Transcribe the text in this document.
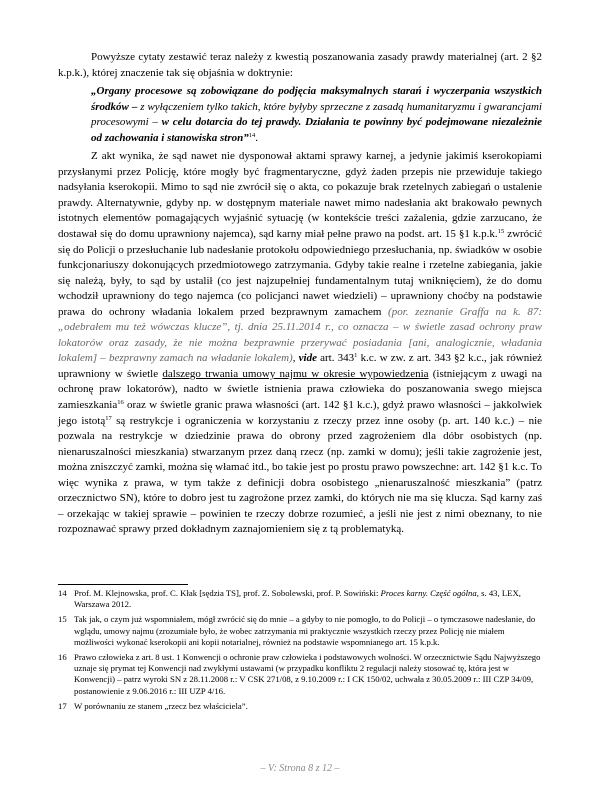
Powyższe cytaty zestawić teraz należy z kwestią poszanowania zasady prawdy materialnej (art. 2 §2 k.p.k.), której znaczenie tak się objaśnia w doktrynie:

„Organy procesowe są zobowiązane do podjęcia maksymalnych starań i wyczerpania wszystkich środków – z wyłączeniem tylko takich, które byłyby sprzeczne z zasadą humanitaryzmu i gwarancjami procesowymi – w celu dotarcia do tej prawdy. Działania te powinny być podejmowane niezależnie od zachowania i stanowiska stron”$^{14}$.

Z akt wynika, że sąd nawet nie dysponował aktami sprawy karnej, a jedynie jakimiś kserokopiami przysłanymi przez Policję, które mogły być fragmentaryczne, gdyż żaden przepis nie przewiduje takiego nadsyłania kserokopii. Mimo to sąd nie zwrócił się o akta, co pokazuje brak rzetelnych zabiegań o ustalenie prawdy. Alternatywnie, gdyby np. w dostępnym materiale nawet mimo nadesłania akt brakowało pewnych istotnych elementów pomagających wyjaśnić sytuację (w kontekście treści zażalenia, gdzie zarzucano, że dostawał się do domu uprawniony najemca), sąd karny miał pełne prawo na podst. art. 15 §1 k.p.k.$^{15}$ zwrócić się do Policji o przesłuchanie lub nadesłanie protokołu odpowiedniego przesłuchania, np. świadków w osobie funkcjonariuszy dokonujących przedmiotowego zatrzymania. Gdyby takie realne i rzetelne zabiegania, jakie się należą, były, to sąd by ustalił (co jest najzupełniej fundamentalnym tutaj wniknięciem), że do domu wchodził uprawniony do tego najemca (co policjanci nawet wiedzieli) – uprawniony choćby na podstawie prawa do ochrony władania lokalem przed bezprawnym zamachem (por. zeznanie Graffa na k. 87: „odebrałem mu też wówczas klucze”, tj. dnia 25.11.2014 r., co oznacza – w świetle zasad ochrony praw lokatorów oraz zasady, że nie można bezprawnie przerywać posiadania [ani, analogicznie, władania lokalem] – bezprawny zamach na władanie lokalem), vide art. $343^1$ k.c. w zw. z art. 343 §2 k.c., jak również uprawniony w świetle dalszego trwania umowy najmu w okresie wypowiedzenia (istniejącym z uwagi na ochronę praw lokatorów), nadto w świetle istnienia prawa człowieka do poszanowania swego miejsca zamieszkania$^{16}$ oraz w świetle granic prawa własności (art. 142 §1 k.c.), gdyż prawo własności – jakkolwiek jego istotą$^{17}$ są restrykcje i ograniczenia w korzystaniu z rzeczy przez inne osoby (p. art. 140 k.c.) – nie pozwala na restrykcje w dziedzinie prawa do obrony przed zagrożeniem dla dóbr osobistych (np. nienaruszalności mieszkania) stwarzanym przez daną rzecz (np. zamki w domu); jeśli takie zagrożenie jest, można zniszczyć zamki, można się włamać itd., bo takie jest po prostu prawo powszechne: art. 142 §1 k.c. To więc wynika z prawa, w tym także z definicji dobra osobistego „nienaruszalność mieszkania” (patrz orzecznictwo SN), które to dobro jest tu zagrożone przez zamki, do których nie ma się klucza. Sąd karny zaś – orzekając w takiej sprawie – powinien te rzeczy dobrze rozumieć, a jeśli nie jest z nimi obeznany, to nie rozpoznawać sprawy przed dokładnym zaznajomieniem się z tą problematyką.

14 Prof. M. Klejnowska, prof. C. Kłak [sędzia TS], prof. Z. Sobolewski, prof. P. Sowiński: Proces karny. Część ogólna, s. 43, LEX, Warszawa 2012.
15 Tak jak, o czym już wspomniałem, mógł zwrócić się do mnie – a gdyby to nie pomogło, to do Policji – o tymczasowe nadesłanie, do wglądu, umowy najmu (zrozumiałe było, że wobec zatrzymania mi praktycznie wszystkich rzeczy przez Policję nie miałem możliwości wykonać kserokopii ani kopii notarialnej, również na podstawie wspomnianego art. 15 k.p.k.
16 Prawo człowieka z art. 8 ust. 1 Konwencji o ochronie praw człowieka i podstawowych wolności. W orzecznictwie Sądu Najwyższego uznaje się prymat tej Konwencji nad zwykłymi ustawami (w przypadku konfliktu 2 regulacji należy stosować tę, która jest w Konwencji) – patrz wyroki SN z 28.11.2008 r.: V CSK 271/08, z 9.10.2009 r.: I CK 150/02, uchwała z 30.05.2009 r.: III CZP 34/09, postanowienie z 9.06.2016 r.: III UZP 4/16.
17 W porównaniu ze stanem „rzecz bez właściciela”.
– V: Strona 8 z 12 –
